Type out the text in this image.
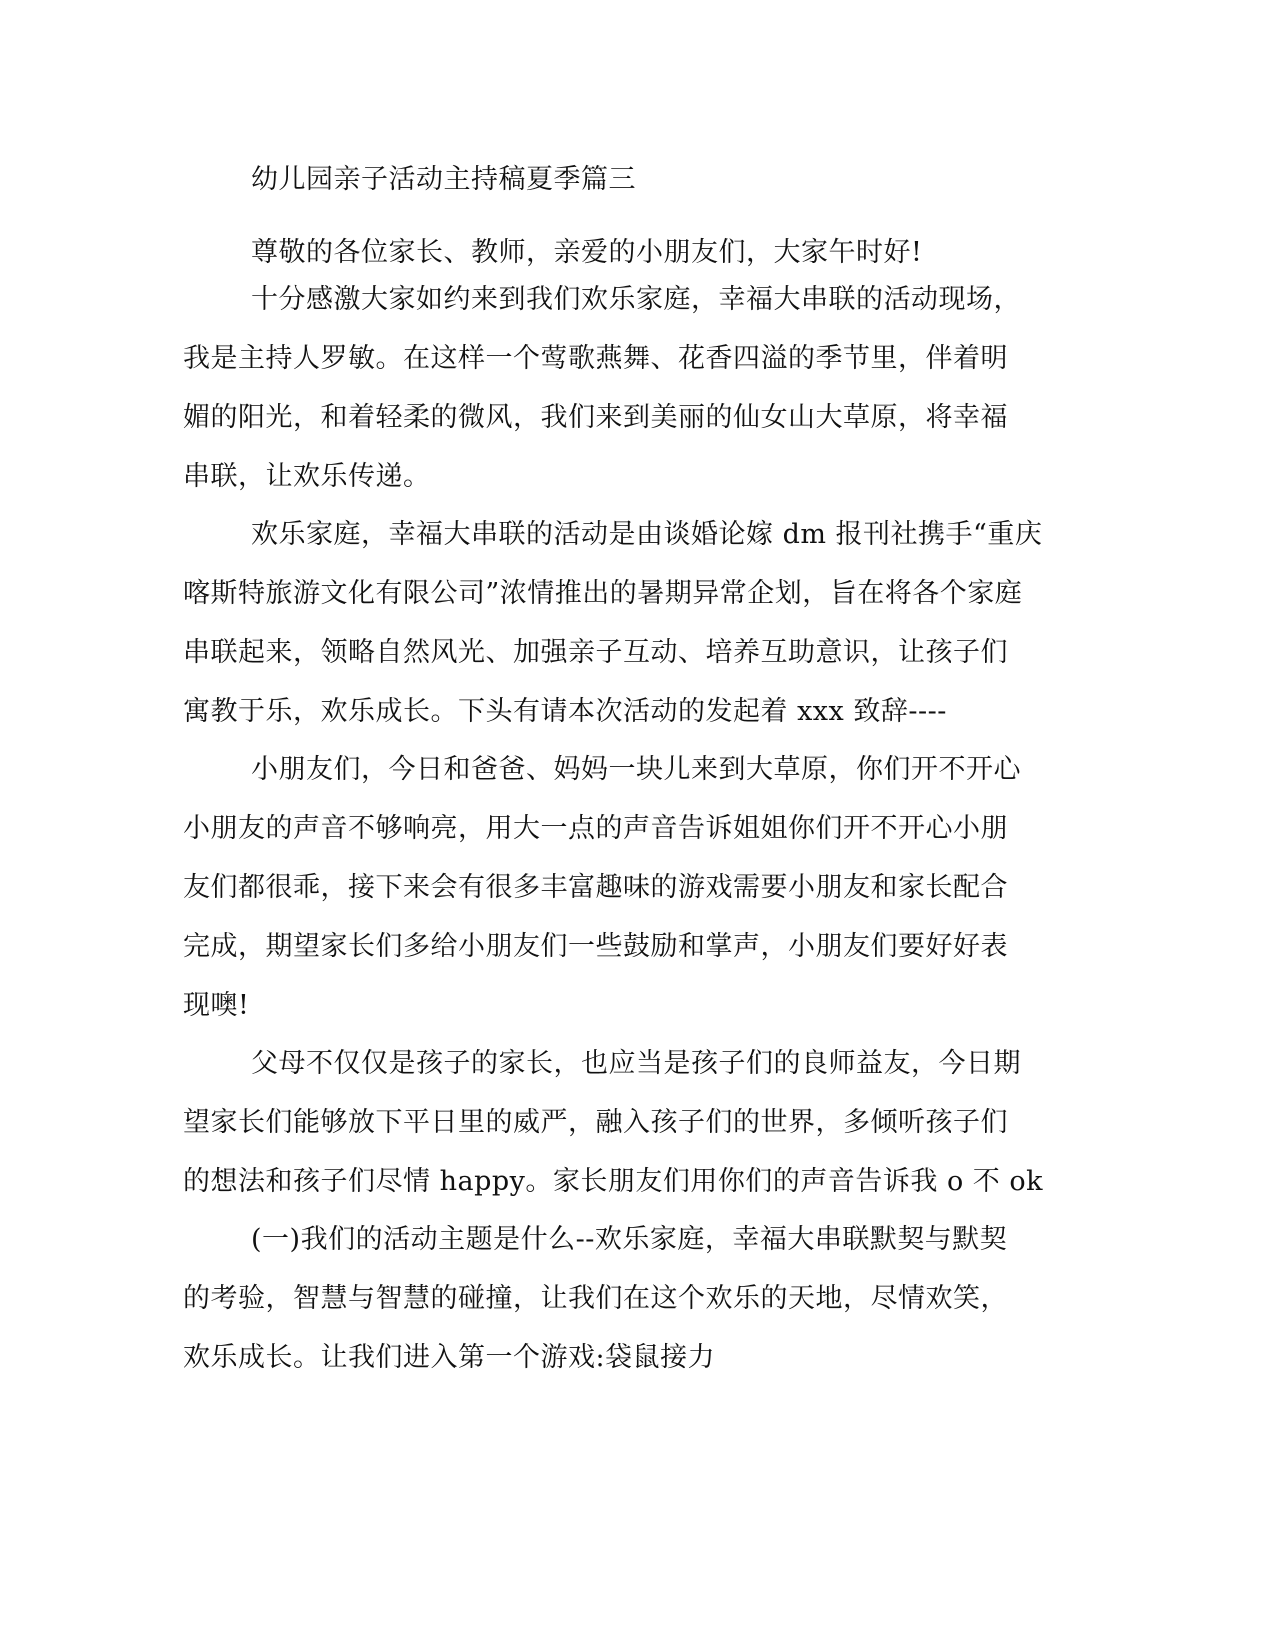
幼儿园亲子活动主持稿夏季篇三

尊敬的各位家长、教师，亲爱的小朋友们，大家午时好!

十分感激大家如约来到我们欢乐家庭，幸福大串联的活动现场，
我是主持人罗敏。在这样一个莺歌燕舞、花香四溢的季节里，伴着明
媚的阳光，和着轻柔的微风，我们来到美丽的仙女山大草原，将幸福
串联，让欢乐传递。

欢乐家庭，幸福大串联的活动是由谈婚论嫁 dm 报刊社携手“重庆
喀斯特旅游文化有限公司”浓情推出的暑期异常企划，旨在将各个家庭
串联起来，领略自然风光、加强亲子互动、培养互助意识，让孩子们
寓教于乐，欢乐成长。下头有请本次活动的发起着 xxx 致辞----

小朋友们，今日和爸爸、妈妈一块儿来到大草原，你们开不开心
小朋友的声音不够响亮，用大一点的声音告诉姐姐你们开不开心小朋
友们都很乖，接下来会有很多丰富趣味的游戏需要小朋友和家长配合
完成，期望家长们多给小朋友们一些鼓励和掌声，小朋友们要好好表
现噢!

父母不仅仅是孩子的家长，也应当是孩子们的良师益友，今日期
望家长们能够放下平日里的威严，融入孩子们的世界，多倾听孩子们
的想法和孩子们尽情 happy。家长朋友们用你们的声音告诉我 o 不 ok

(一)我们的活动主题是什么--欢乐家庭，幸福大串联默契与默契
的考验，智慧与智慧的碰撞，让我们在这个欢乐的天地，尽情欢笑，
欢乐成长。让我们进入第一个游戏:袋鼠接力
